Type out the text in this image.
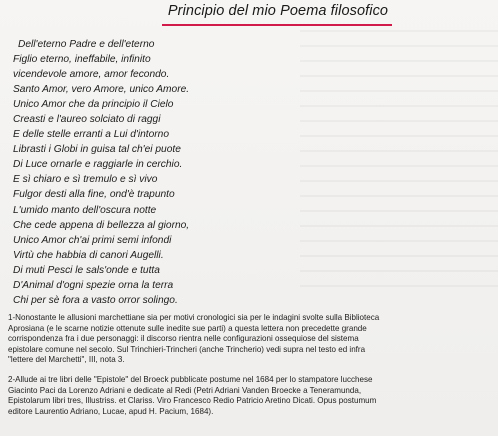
Principio del mio Poema filosofico
Dell'eterno Padre e dell'eterno
Figlio eterno, ineffabile, infinito
vicendevole amore, amor fecondo.
Santo Amor, vero Amore, unico Amore.
Unico Amor che da principio il Cielo
Creasti e l'aureo solciato di raggi
E delle stelle erranti a Lui d'intorno
Librasti i Globi in guisa tal ch'ei puote
Di Luce ornarle e raggiarle in cerchio.
E sì chiaro e sì tremulo e sì vivo
Fulgor desti alla fine, ond'è trapunto
L'umido manto dell'oscura notte
Che cede appena di bellezza al giorno,
Unico Amor ch'ai primi semi infondi
Virtù che habbia di canori Augelli.
Di muti Pesci le sals'onde e tutta
D'Animal d'ogni spezie orna la terra
Chi per sè fora a vasto orror solingo.
1-Nonostante le allusioni marchettiane sia per motivi cronologici sia per le indagini svolte sulla Biblioteca
Aprosiana (e le scarne notizie ottenute sulle inedite sue parti) a questa lettera non precedette grande
corrispondenza fra i due personaggi: il discorso rientra nelle configurazioni ossequiose del sistema
epistolare comune nel secolo. Sul Trinchieri-Trincheri (anche Trincherio) vedi supra nel testo ed infra
"lettere del Marchetti", III, nota 3.
2-Allude ai tre libri delle "Epistole" del Broeck pubblicate postume nel 1684 per lo stampatore lucchese
Giacinto Paci da Lorenzo Adriani e dedicate al Redi (Petri Adriani Vanden Broecke a Teneramunda,
Epistolarum libri tres, Illustriss. et Clariss. Viro Francesco Redio Patricio Aretino Dicati. Opus postumum
editore Laurentio Adriano, Lucae, apud H. Pacium, 1684).
